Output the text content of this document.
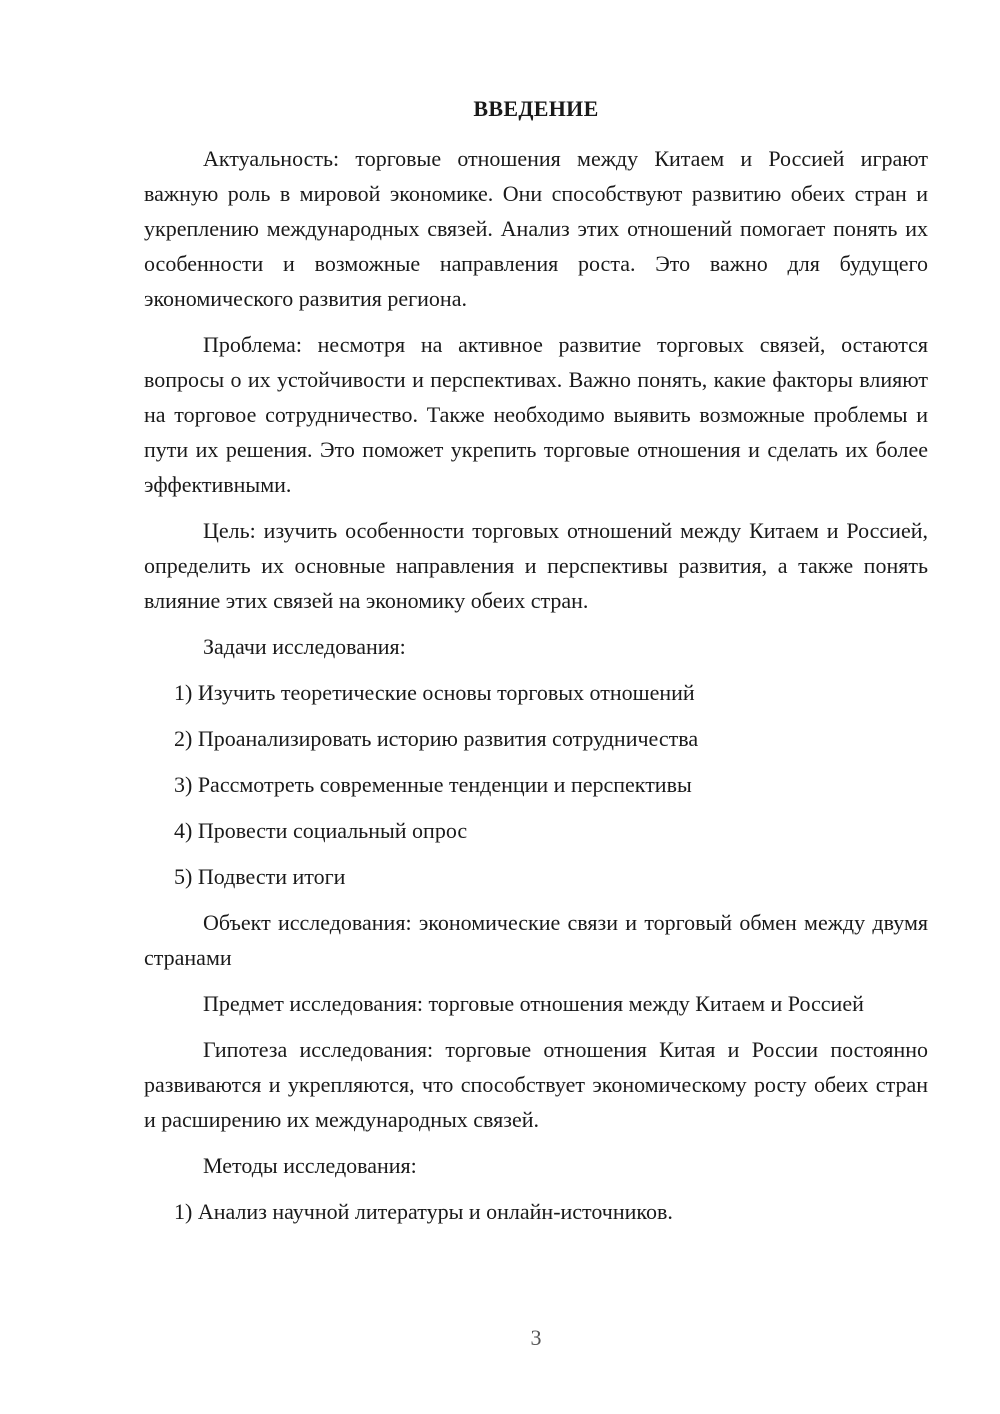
ВВЕДЕНИЕ

Актуальность: торговые отношения между Китаем и Россией играют важную роль в мировой экономике. Они способствуют развитию обеих стран и укреплению международных связей. Анализ этих отношений помогает понять их особенности и возможные направления роста. Это важно для будущего экономического развития региона.

Проблема: несмотря на активное развитие торговых связей, остаются вопросы о их устойчивости и перспективах. Важно понять, какие факторы влияют на торговое сотрудничество. Также необходимо выявить возможные проблемы и пути их решения. Это поможет укрепить торговые отношения и сделать их более эффективными.

Цель: изучить особенности торговых отношений между Китаем и Россией, определить их основные направления и перспективы развития, а также понять влияние этих связей на экономику обеих стран.

Задачи исследования:

1) Изучить теоретические основы торговых отношений

2) Проанализировать историю развития сотрудничества

3) Рассмотреть современные тенденции и перспективы

4) Провести социальный опрос

5) Подвести итоги

Объект исследования: экономические связи и торговый обмен между двумя странами

Предмет исследования: торговые отношения между Китаем и Россией

Гипотеза исследования: торговые отношения Китая и России постоянно развиваются и укрепляются, что способствует экономическому росту обеих стран и расширению их международных связей.

Методы исследования:

1) Анализ научной литературы и онлайн-источников.

3
